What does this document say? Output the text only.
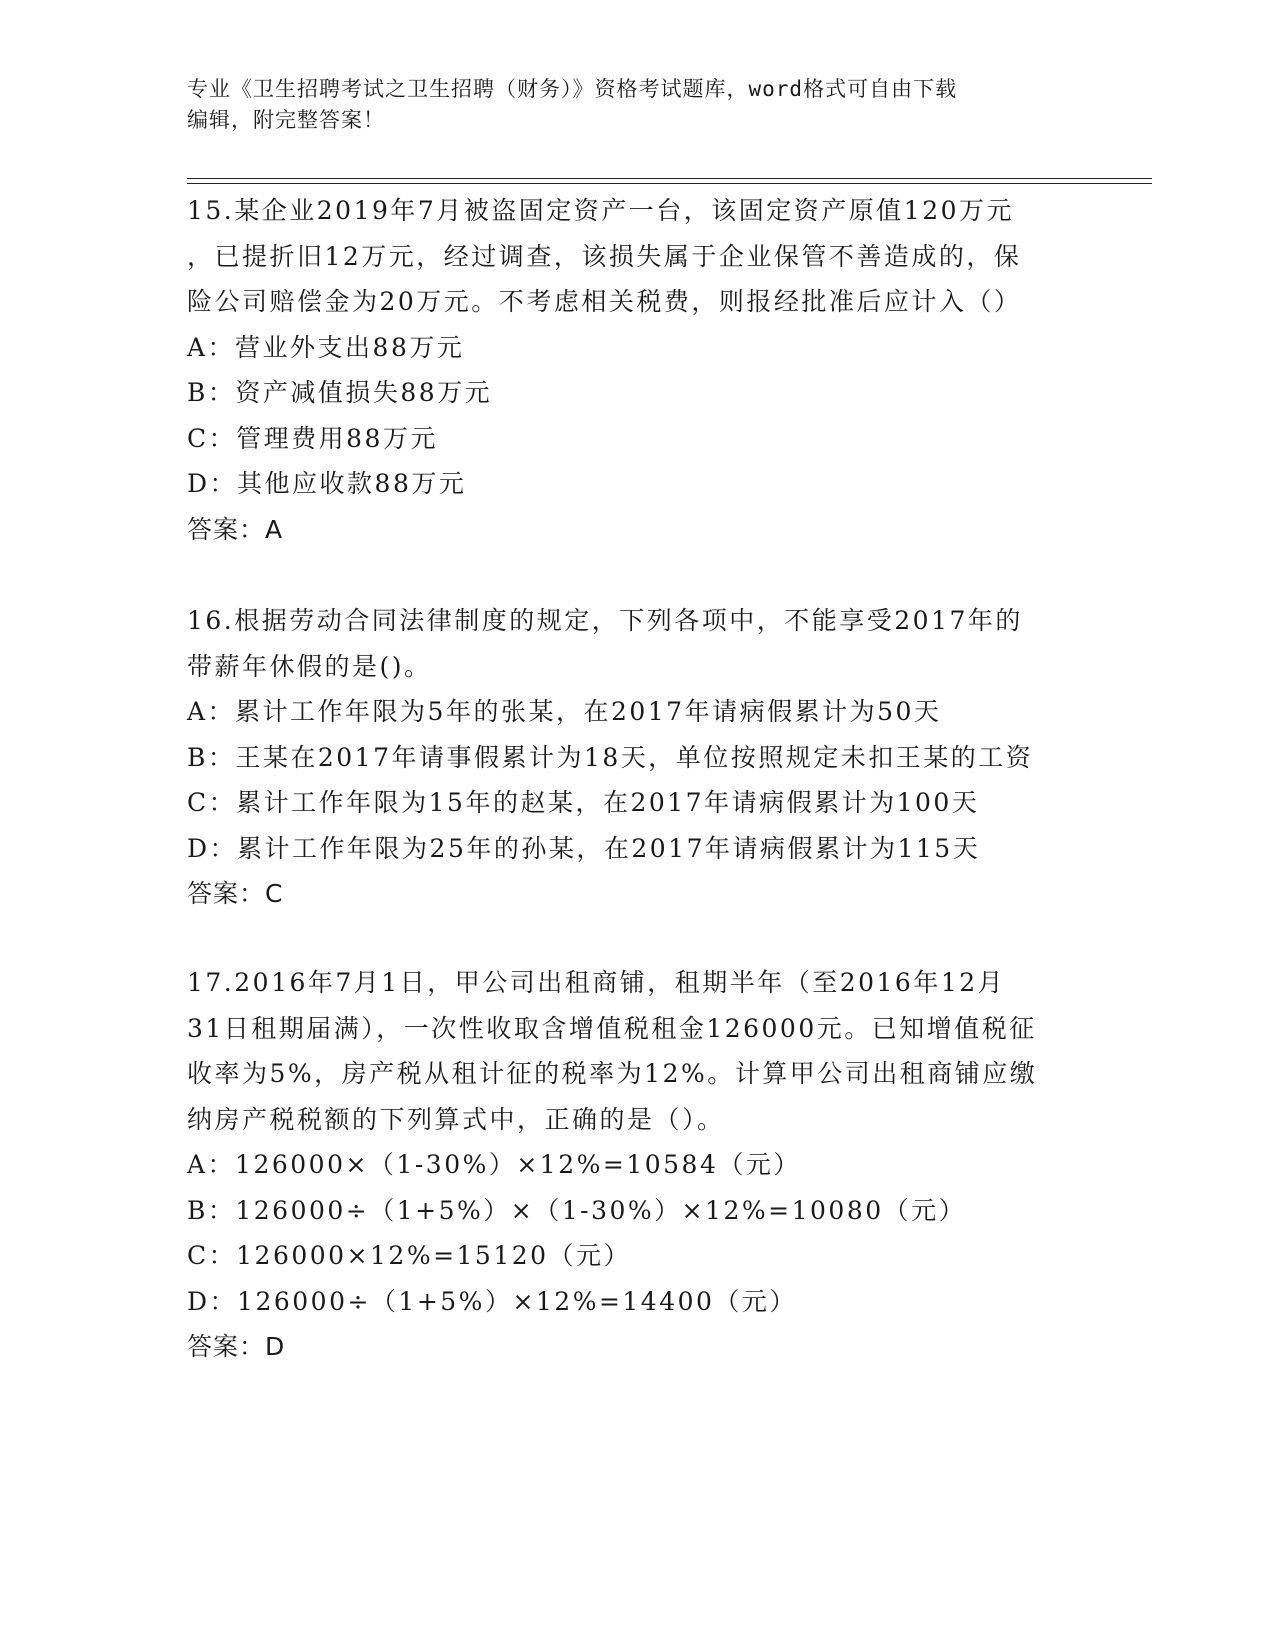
专业《卫生招聘考试之卫生招聘（财务）》资格考试题库，word格式可自由下载
编辑，附完整答案！
15.某企业2019年7月被盗固定资产一台，该固定资产原值120万元
，已提折旧12万元，经过调查，该损失属于企业保管不善造成的，保
险公司赔偿金为20万元。不考虑相关税费，则报经批准后应计入（）
A：营业外支出88万元
B：资产减值损失88万元
C：管理费用88万元
D：其他应收款88万元
答案：A
16.根据劳动合同法律制度的规定，下列各项中，不能享受2017年的
带薪年休假的是()。
A：累计工作年限为5年的张某，在2017年请病假累计为50天
B：王某在2017年请事假累计为18天，单位按照规定未扣王某的工资
C：累计工作年限为15年的赵某，在2017年请病假累计为100天
D：累计工作年限为25年的孙某，在2017年请病假累计为115天
答案：C
17.2016年7月1日，甲公司出租商铺，租期半年（至2016年12月
31日租期届满），一次性收取含增值税租金126000元。已知增值税征
收率为5%，房产税从租计征的税率为12%。计算甲公司出租商铺应缴
纳房产税税额的下列算式中，正确的是（）。
A：126000×（1-30%）×12%=10584（元）
B：126000÷（1+5%）×（1-30%）×12%=10080（元）
C：126000×12%=15120（元）
D：126000÷（1+5%）×12%=14400（元）
答案：D
